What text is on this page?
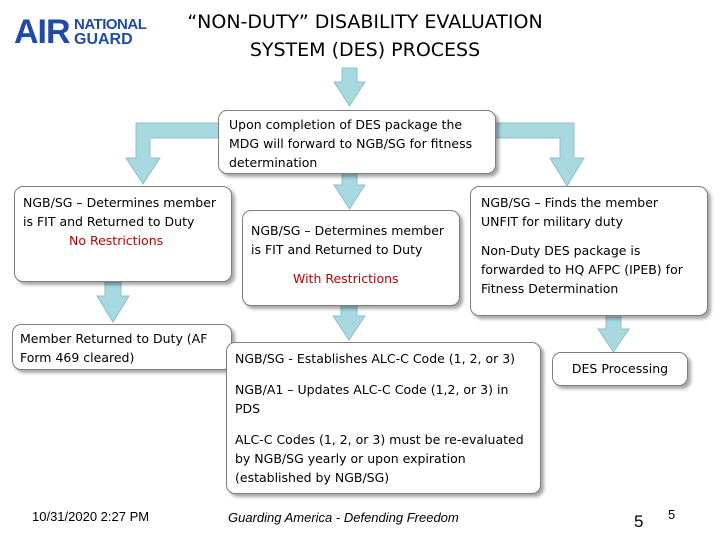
AIR NATIONAL
GUARD
“NON-DUTY” DISABILITY EVALUATION
SYSTEM (DES) PROCESS
Upon completion of DES package the MDG will forward to NGB/SG for fitness determination
NGB/SG – Determines member is FIT and Returned to Duty
No Restrictions
NGB/SG – Determines member is FIT and Returned to Duty
With Restrictions
NGB/SG – Finds the member UNFIT for military duty
Non-Duty DES package is forwarded to HQ AFPC (IPEB) for Fitness Determination
Member Returned to Duty (AF Form 469 cleared)	NGB/SG - Establishes ALC-C Code (1, 2, or 3)
NGB/A1 – Updates ALC-C Code (1,2, or 3) in PDS
ALC-C Codes (1, 2, or 3) must be re-evaluated by NGB/SG yearly or upon expiration (established by NGB/SG)
DES Processing
10/31/2020 2:27 PM	Guarding America - Defending Freedom	5 5
